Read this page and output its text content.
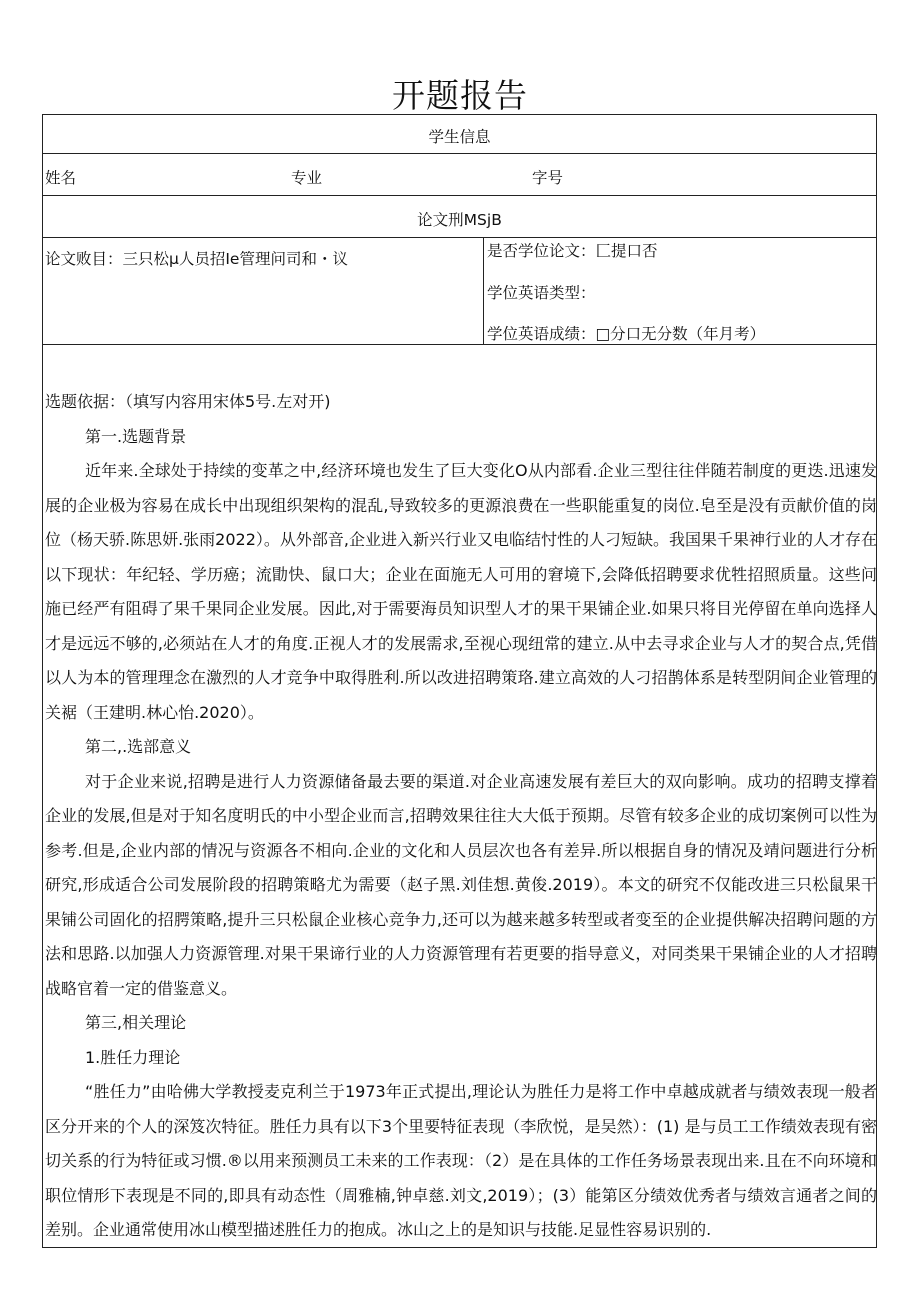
开题报告
学生信息
姓名	专业	字号
论文刑MSjB
论文败目：三只松μ人员招Ie管理问司和・议	是否学位论文：匚提口否
学位英语类型：
学位英语成绩：□分口无分数（年月考）

选题依据：（填写内容用宋体5号.左对开)

第一.选题背景

近年来.全球处于持续的变革之中,经济环境也发生了巨大变化O从内部看.企业三型往往伴随若制度的更迭.迅速发展的企业极为容易在成长中出现组织架构的混乱,导致较多的更源浪费在一些职能重复的岗位.皂至是没有贡献价值的岗位（杨天骄.陈思妍.张雨2022）。从外部音,企业进入新兴行业又电临结忖性的人刁短缺。我国果千果神行业的人才存在以下现状：年纪轻、学历癌；流勖快、鼠口大；企业在面施无人可用的窘境下,会降低招聘要求优牲招照质量。这些问施已经严有阻碍了果千果同企业发展。因此,对于需要海员知识型人才的果干果铺企业.如果只将目光停留在单向选择人才是远远不够的,必须站在人才的角度.正视人才的发展需求,至视心现纽常的建立.从中去寻求企业与人才的契合点,凭借以人为本的管理理念在激烈的人才竞争中取得胜利.所以改进招聘策珞.建立高效的人刁招鹊体系是转型阴间企业管理的关裾（王建明.林心怡.2020）。

第二,.选部意义

对于企业来说,招聘是进行人力资源储备最去要的渠道.对企业高速发展有差巨大的双向影响。成功的招聘支撑着企业的发展,但是对于知名度明氏的中小型企业而言,招聘效果往往大大低于预期。尽管有较多企业的成切案例可以性为参考.但是,企业内部的情况与资源各不相向.企业的文化和人员层次也各有差异.所以根据自身的情况及靖问题进行分析研究,形成适合公司发展阶段的招聘策略尤为需要（赵子黑.刘佳想.黄俊.2019）。本文的研究不仅能改进三只松鼠果干果铺公司固化的招腭策略,提升三只松鼠企业核心竞争力,还可以为越来越多转型或者变至的企业提供解决招聘问题的方法和思路.以加强人力资源管理.对果干果谛行业的人力资源管理有若更要的指导意义，对同类果干果铺企业的人才招聘战略官着一定的借鉴意义。

第三,相关理论

1.胜任力理论

“胜任力”由哈佛大学教授麦克利兰于1973年正式提出,理论认为胜任力是将工作中卓越成就者与绩效表现一般者区分开来的个人的深笈次特征。胜任力具有以下3个里要特征表现（李欣悦，是吴然）：(1) 是与员工工作绩效表现有密切关系的行为特征或习惯.®以用来预测员工未来的工作表现：（2）是在具体的工作任务场景表现出来.且在不向环境和职位情形下表现是不同的,即具有动态性（周雅楠,钟卓慈.刘文,2019）；(3）能第区分绩效优秀者与绩效言通者之间的差别。企业通常使用冰山模型描述胜任力的抱成。冰山之上的是知识与技能.足显性容易识别的.
